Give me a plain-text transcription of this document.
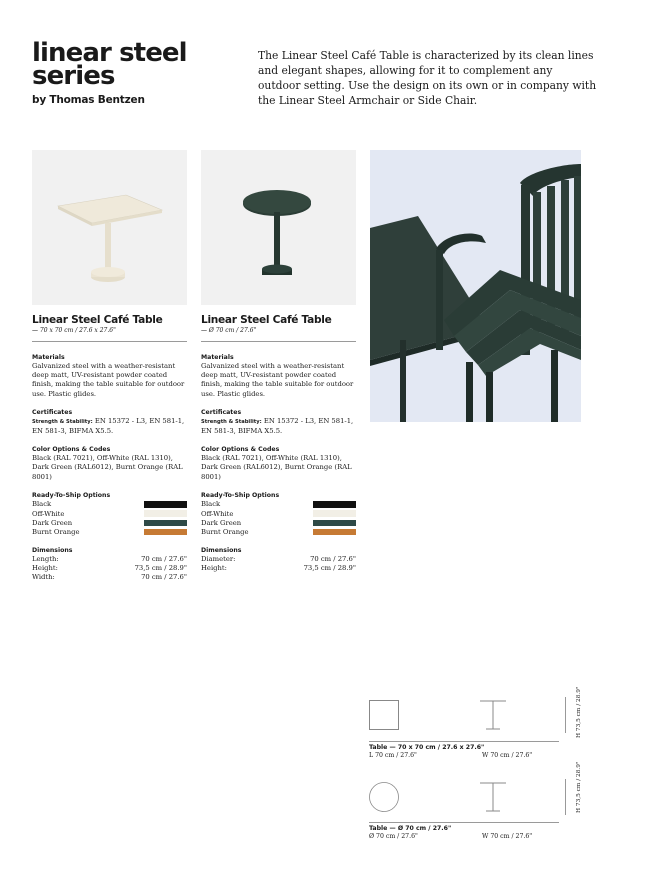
linear steel
series
by Thomas Bentzen
The Linear Steel Café Table is characterized by its clean lines and elegant shapes, allowing for it to complement any outdoor setting. Use the design on its own or in company with the Linear Steel Armchair or Side Chair.
Linear Steel Café Table
— 70 x 70 cm / 27.6 x 27.6"
Materials
Galvanized steel with a weather-resistant deep matt, UV-resistant powder coated finish, making the table suitable for outdoor use. Plastic glides.
Certificates
Strength & Stability: EN 15372 - L3, EN 581-1, EN 581-3, BIFMA X5.5.
Color Options & Codes
Black (RAL 7021), Off-White (RAL 1310), Dark Green (RAL6012), Burnt Orange (RAL 8001)
Ready-To-Ship Options
Black
Off-White
Dark Green
Burnt Orange
Dimensions
Length:	70 cm / 27.6"
Height:	73,5 cm / 28.9"
Width:	70 cm / 27.6"
Linear Steel Café Table
— Ø 70 cm / 27.6"
Materials
Galvanized steel with a weather-resistant deep matt, UV-resistant powder coated finish, making the table suitable for outdoor use. Plastic glides.
Certificates
Strength & Stability: EN 15372 - L3, EN 581-1, EN 581-3, BIFMA X5.5.
Color Options & Codes
Black (RAL 7021), Off-White (RAL 1310), Dark Green (RAL6012), Burnt Orange (RAL 8001)
Ready-To-Ship Options
Black
Off-White
Dark Green
Burnt Orange
Dimensions
Diameter:	70 cm / 27.6"
Height:	73,5 cm / 28.9"
H 73,5 cm / 28.9"
Table — 70 x 70 cm / 27.6 x 27.6"
L 70 cm / 27.6"	W 70 cm / 27.6"
H 73,5 cm / 28.9"
Table — Ø 70 cm / 27.6"
Ø 70 cm / 27.6"	W 70 cm / 27.6"
